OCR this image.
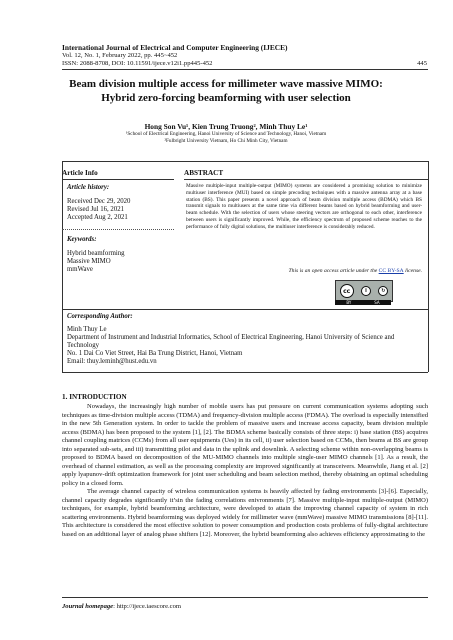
International Journal of Electrical and Computer Engineering (IJECE)
Vol. 12, No. 1, February 2022, pp. 445~452
ISSN: 2088-8708, DOI: 10.11591/ijece.v12i1.pp445-452	445
Beam division multiple access for millimeter wave massive MIMO: Hybrid zero-forcing beamforming with user selection
Hong Son Vu¹, Kien Trung Truong², Minh Thuy Le¹
¹School of Electrical Engineering, Hanoi University of Science and Technology, Hanoi, Vietnam
²Fulbright University Vietnam, Ho Chi Minh City, Vietnam
Article Info	ABSTRACT
Article history:
Received Dec 29, 2020
Revised Jul 16, 2021
Accepted Aug 2, 2021
Keywords:
Hybrid beamforming
Massive MIMO
mmWave
Massive multiple-input multiple-output (MIMO) systems are considered a promising solution to minimize multiuser interference (MUI) based on simple precoding techniques with a massive antenna array at a base station (BS). This paper presents a novel approach of beam division multiple access (BDMA) which BS transmit signals to multiusers at the same time via different beams based on hybrid beamforming and user-beam schedule. With the selection of users whose steering vectors are orthogonal to each other, interference between users is significantly improved. While, the efficiency spectrum of proposed scheme reaches to the performance of fully digital solutions, the multiuser interference is considerably reduced.
This is an open access article under the CC BY-SA license.
cc	i	↻
BY	SA
Corresponding Author:
Minh Thuy Le
Department of Instrument and Industrial Informatics, School of Electrical Engineering, Hanoi University of Science and Technology
No. 1 Dai Co Viet Street, Hai Ba Trung District, Hanoi, Vietnam
Email: thuy.leminh@hust.edu.vn
1. INTRODUCTION

Nowadays, the increasingly high number of mobile users has put pressure on current communication systems adopting such techniques as time-division multiple access (TDMA) and frequency-division multiple access (FDMA). The overload is especially intensified in the new 5th Generation system. In order to tackle the problem of massive users and increase access capacity, beam division multiple access (BDMA) has been proposed to the system [1], [2]. The BDMA scheme basically consists of three steps: i) base station (BS) acquires channel coupling matrices (CCMs) from all user equipments (Ues) in its cell, ii) user selection based on CCMs, then beams at BS are group into separated sub-sets, and iii) transmitting pilot and data in the uplink and downlink. A selecting scheme within non-overlapping beams is proposed to BDMA based on decomposition of the MU-MIMO channels into multiple single-user MIMO channels [1]. As a result, the overhead of channel estimation, as well as the processing complexity are improved significantly at transceivers. Meanwhile, Jiang et al. [2] apply lyapunov-drift optimization framework for joint user scheduling and beam selection method, thereby obtaining an optimal scheduling policy in a closed form.

The average channel capacity of wireless communication systems is heavily affected by fading environments [3]-[6]. Especially, channel capacity degrades significantly it’sin the fading correlations enivronments [7]. Massive multiple-input multiple-output (MIMO) techniques, for example, hybrid beamforming architecture, were developed to attain the improving channel capacity of system in rich scattering environments. Hybrid beamforming was deployed widely for millimeter wave (mmWave) massive MIMO transmissions [8]-[11]. This architecture is considered the most effective solution to power consumption and production costs problems of fully-digital architecture based on an additional layer of analog phase shifters [12]. Moreover, the hybrid beamforming also achieves efficiency approximating to the

Journal homepage: http://ijece.iaescore.com
